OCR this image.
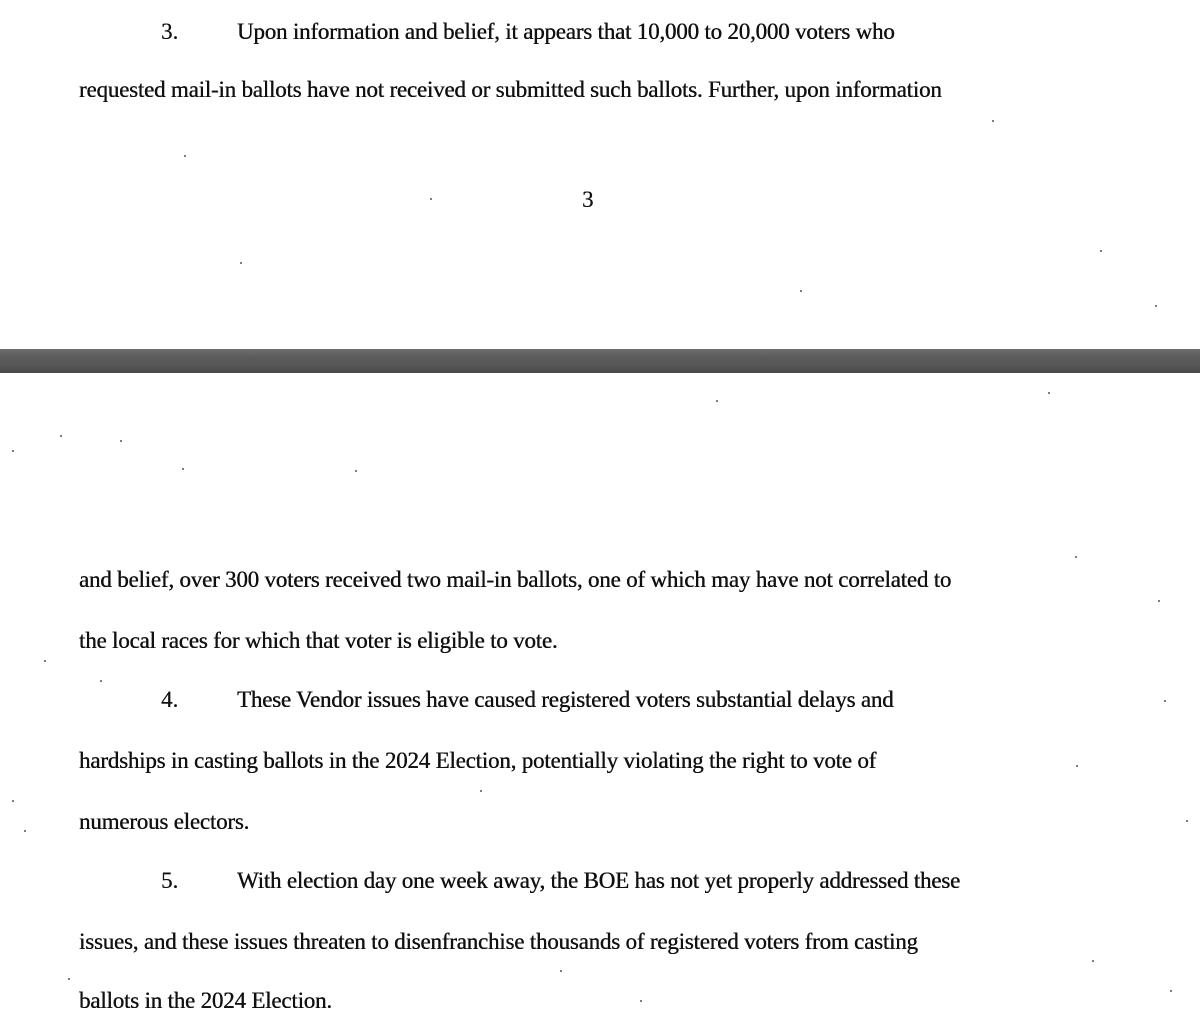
3.	Upon information and belief, it appears that 10,000 to 20,000 voters who
requested mail-in ballots have not received or submitted such ballots. Further, upon information
3
and belief, over 300 voters received two mail-in ballots, one of which may have not correlated to
the local races for which that voter is eligible to vote.
4.	These Vendor issues have caused registered voters substantial delays and
hardships in casting ballots in the 2024 Election, potentially violating the right to vote of
numerous electors.
5.	With election day one week away, the BOE has not yet properly addressed these
issues, and these issues threaten to disenfranchise thousands of registered voters from casting
ballots in the 2024 Election.
